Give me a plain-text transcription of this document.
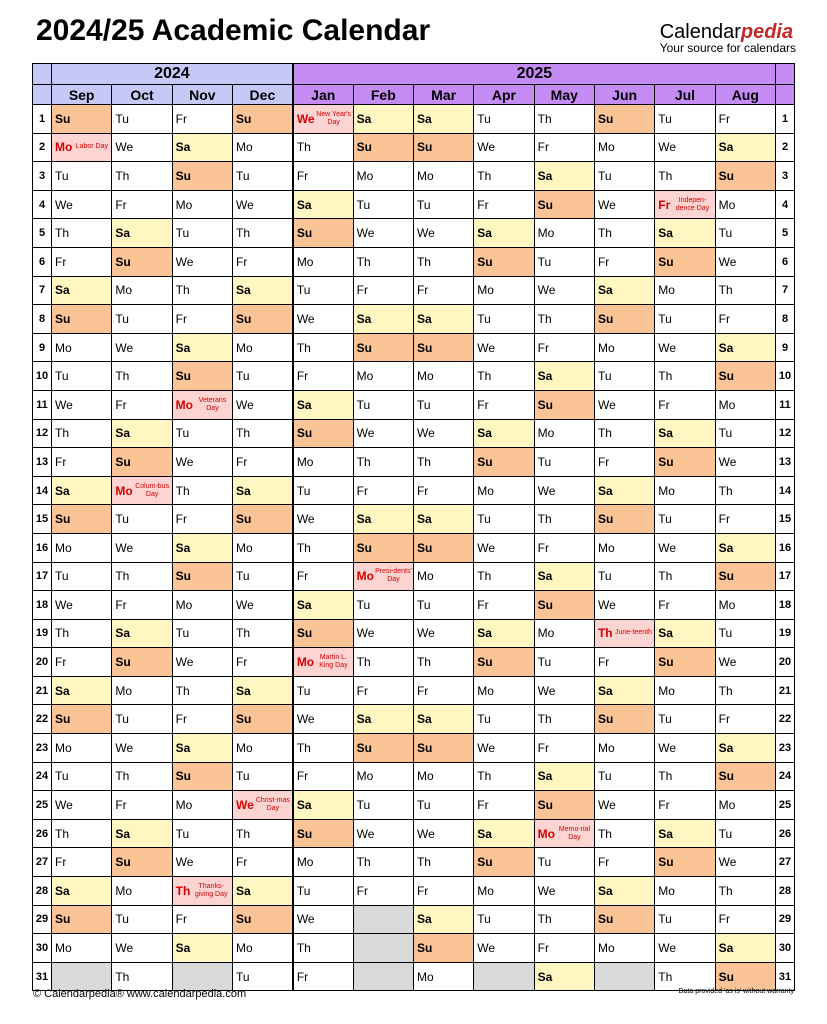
2024/25 Academic Calendar	Calendarpedia
Your source for calendars
	2024				2025								
	Sep	Oct	Nov	Dec	Jan	Feb	Mar	Apr	May	Jun	Jul	Aug	
1	Su	Tu	Fr	Su	We New Year's Day	Sa	Sa	Tu	Th	Su	Tu	Fr	1
2	Mo Labor Day	We	Sa	Mo	Th	Su	Su	We	Fr	Mo	We	Sa	2
3	Tu	Th	Su	Tu	Fr	Mo	Mo	Th	Sa	Tu	Th	Su	3
4	We	Fr	Mo	We	Sa	Tu	Tu	Fr	Su	We	Fr Indepen-dence Day	Mo	4
5	Th	Sa	Tu	Th	Su	We	We	Sa	Mo	Th	Sa	Tu	5
6	Fr	Su	We	Fr	Mo	Th	Th	Su	Tu	Fr	Su	We	6
7	Sa	Mo	Th	Sa	Tu	Fr	Fr	Mo	We	Sa	Mo	Th	7
8	Su	Tu	Fr	Su	We	Sa	Sa	Tu	Th	Su	Tu	Fr	8
9	Mo	We	Sa	Mo	Th	Su	Su	We	Fr	Mo	We	Sa	9
10	Tu	Th	Su	Tu	Fr	Mo	Mo	Th	Sa	Tu	Th	Su	10
11	We	Fr	Mo Veterans Day	We	Sa	Tu	Tu	Fr	Su	We	Fr	Mo	11
12	Th	Sa	Tu	Th	Su	We	We	Sa	Mo	Th	Sa	Tu	12
13	Fr	Su	We	Fr	Mo	Th	Th	Su	Tu	Fr	Su	We	13
14	Sa	Mo Colum-bus Day	Th	Sa	Tu	Fr	Fr	Mo	We	Sa	Mo	Th	14
15	Su	Tu	Fr	Su	We	Sa	Sa	Tu	Th	Su	Tu	Fr	15
16	Mo	We	Sa	Mo	Th	Su	Su	We	Fr	Mo	We	Sa	16
17	Tu	Th	Su	Tu	Fr	Mo Presi-dents' Day	Mo	Th	Sa	Tu	Th	Su	17
18	We	Fr	Mo	We	Sa	Tu	Tu	Fr	Su	We	Fr	Mo	18
19	Th	Sa	Tu	Th	Su	We	We	Sa	Mo	Th June-teenth	Sa	Tu	19
20	Fr	Su	We	Fr	Mo Martin L. King Day	Th	Th	Su	Tu	Fr	Su	We	20
21	Sa	Mo	Th	Sa	Tu	Fr	Fr	Mo	We	Sa	Mo	Th	21
22	Su	Tu	Fr	Su	We	Sa	Sa	Tu	Th	Su	Tu	Fr	22
23	Mo	We	Sa	Mo	Th	Su	Su	We	Fr	Mo	We	Sa	23
24	Tu	Th	Su	Tu	Fr	Mo	Mo	Th	Sa	Tu	Th	Su	24
25	We	Fr	Mo	We Christ-mas Day	Sa	Tu	Tu	Fr	Su	We	Fr	Mo	25
26	Th	Sa	Tu	Th	Su	We	We	Sa	Mo Memo-rial Day	Th	Sa	Tu	26
27	Fr	Su	We	Fr	Mo	Th	Th	Su	Tu	Fr	Su	We	27
28	Sa	Mo	Th Thanks-giving Day	Sa	Tu	Fr	Fr	Mo	We	Sa	Mo	Th	28
29	Su	Tu	Fr	Su	We		Sa	Tu	Th	Su	Tu	Fr	29
30	Mo	We	Sa	Mo	Th		Su	We	Fr	Mo	We	Sa	30
31		Th		Tu	Fr		Mo		Sa		Th	Su	31
© Calendarpedia® www.calendarpedia.com	Data provided 'as is' without warranty
